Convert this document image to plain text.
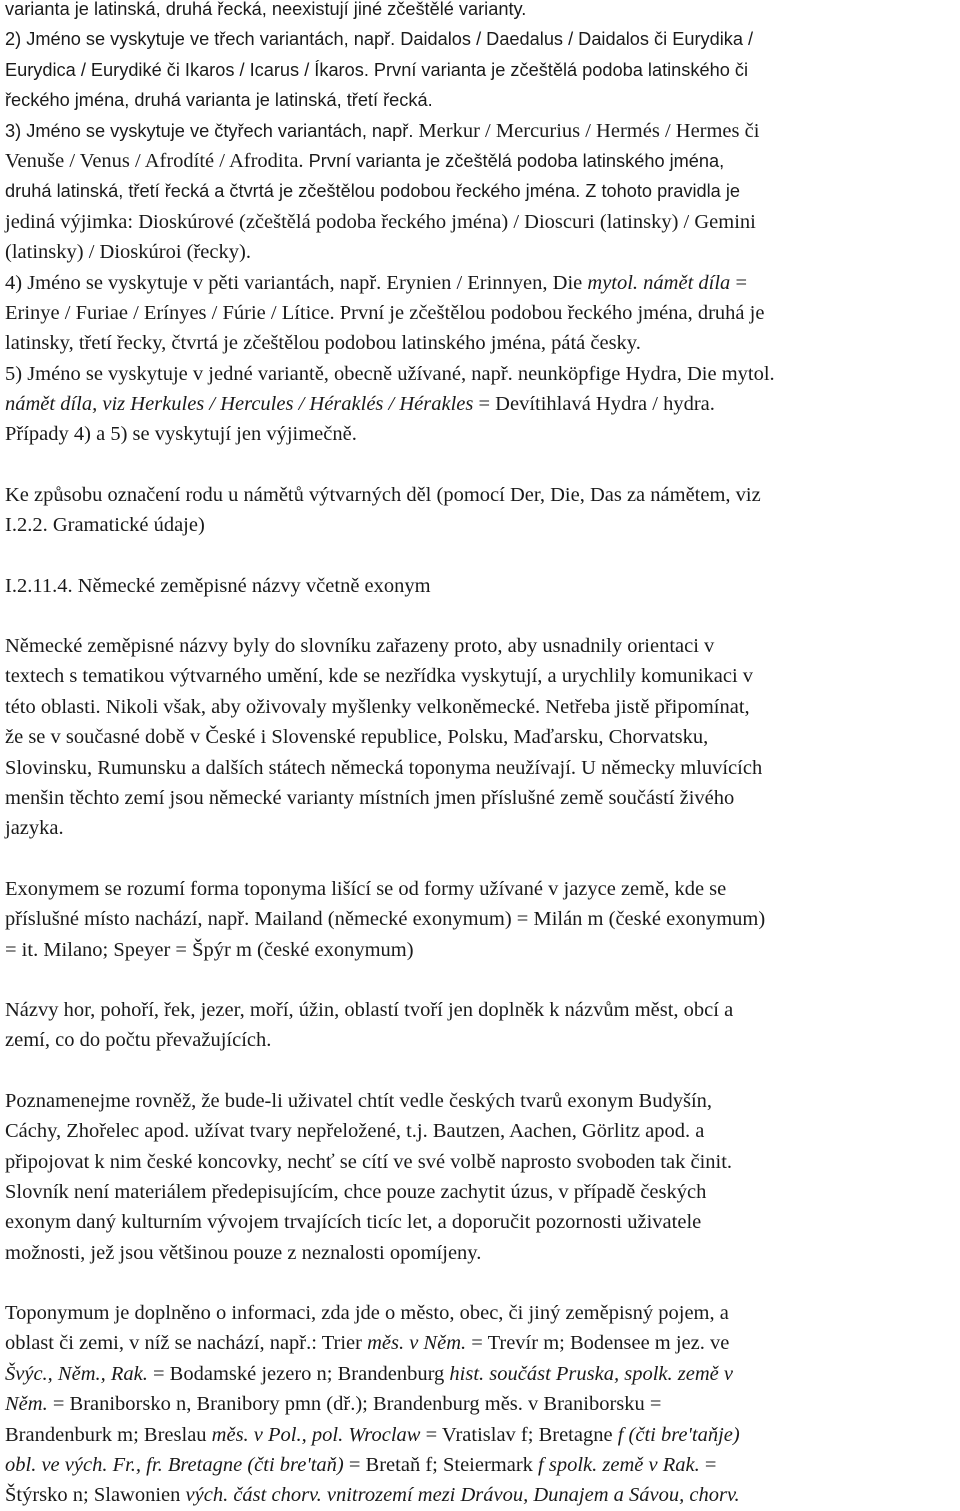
varianta je latinská, druhá řecká, neexistují jiné zčeštělé varianty.
2) Jméno se vyskytuje ve třech variantách, např. Daidalos / Daedalus / Daidalos či Eurydika /
Eurydica / Eurydiké či Ikaros / Icarus / Íkaros. První varianta je zčeštělá podoba latinského či
řeckého jména, druhá varianta je latinská, třetí řecká.
3) Jméno se vyskytuje ve čtyřech variantách, např. Merkur / Mercurius / Hermés / Hermes či
Venuše / Venus / Afrodíté / Afrodita. První varianta je zčeštělá podoba latinského jména,
druhá latinská, třetí řecká a čtvrtá je zčeštělou podobou řeckého jména. Z tohoto pravidla je
jediná výjimka: Dioskúrové (zčeštělá podoba řeckého jména) / Dioscuri (latinsky) / Gemini
(latinsky) / Dioskúroi (řecky).
4) Jméno se vyskytuje v pěti variantách, např. Erynien / Erinnyen, Die mytol. námět díla =
Erinye / Furiae / Erínyes / Fúrie / Lítice. První je zčeštělou podobou řeckého jména, druhá je
latinsky, třetí řecky, čtvrtá je zčeštělou podobou latinského jména, pátá česky.
5) Jméno se vyskytuje v jedné variantě, obecně užívané, např. neunköpfige Hydra, Die mytol.
námět díla, viz Herkules / Hercules / Héraklés / Hérakles = Devítihlavá Hydra / hydra.
Případy 4) a 5) se vyskytují jen výjimečně.
Ke způsobu označení rodu u námětů výtvarných děl (pomocí Der, Die, Das za námětem, viz
I.2.2. Gramatické údaje)
I.2.11.4. Německé zeměpisné názvy včetně exonym
Německé zeměpisné názvy byly do slovníku zařazeny proto, aby usnadnily orientaci v
textech s tematikou výtvarného umění, kde se nezřídka vyskytují, a urychlily komunikaci v
této oblasti. Nikoli však, aby oživovaly myšlenky velkoněmecké. Netřeba jistě připomínat,
že se v současné době v České i Slovenské republice, Polsku, Maďarsku, Chorvatsku,
Slovinsku, Rumunsku a dalších státech německá toponyma neužívají. U německy mluvících
menšin těchto zemí jsou německé varianty místních jmen příslušné země součástí živého
jazyka.
Exonymem se rozumí forma toponyma lišící se od formy užívané v jazyce země, kde se
příslušné místo nachází, např. Mailand (německé exonymum) = Milán m (české exonymum)
= it. Milano; Speyer = Špýr m (české exonymum)
Názvy hor, pohoří, řek, jezer, moří, úžin, oblastí tvoří jen doplněk k názvům měst, obcí a
zemí, co do počtu převažujících.
Poznamenejme rovněž, že bude-li uživatel chtít vedle českých tvarů exonym Budyšín,
Cáchy, Zhořelec apod. užívat tvary nepřeložené, t.j. Bautzen, Aachen, Görlitz apod. a
připojovat k nim české koncovky, nechť se cítí ve své volbě naprosto svoboden tak činit.
Slovník není materiálem předepisujícím, chce pouze zachytit úzus, v případě českých
exonym daný kulturním vývojem trvajících ticíc let, a doporučit pozornosti uživatele
možnosti, jež jsou většinou pouze z neznalosti opomíjeny.
Toponymum je doplněno o informaci, zda jde o město, obec, či jiný zeměpisný pojem, a
oblast či zemi, v níž se nachází, např.: Trier měs. v Něm. = Trevír m; Bodensee m jez. ve
Švýc., Něm., Rak. = Bodamské jezero n; Brandenburg hist. součást Pruska, spolk. země v
Něm. = Braniborsko n, Branibory pmn (dř.); Brandenburg měs. v Braniborsku =
Brandenburk m; Breslau měs. v Pol., pol. Wroclaw = Vratislav f; Bretagne f (čti bre'taňje)
obl. ve vých. Fr., fr. Bretagne (čti bre'taň) = Bretaň f; Steiermark f spolk. země v Rak. =
Štýrsko n; Slawonien vých. část chorv. vnitrozemí mezi Drávou, Dunajem a Sávou, chorv.
